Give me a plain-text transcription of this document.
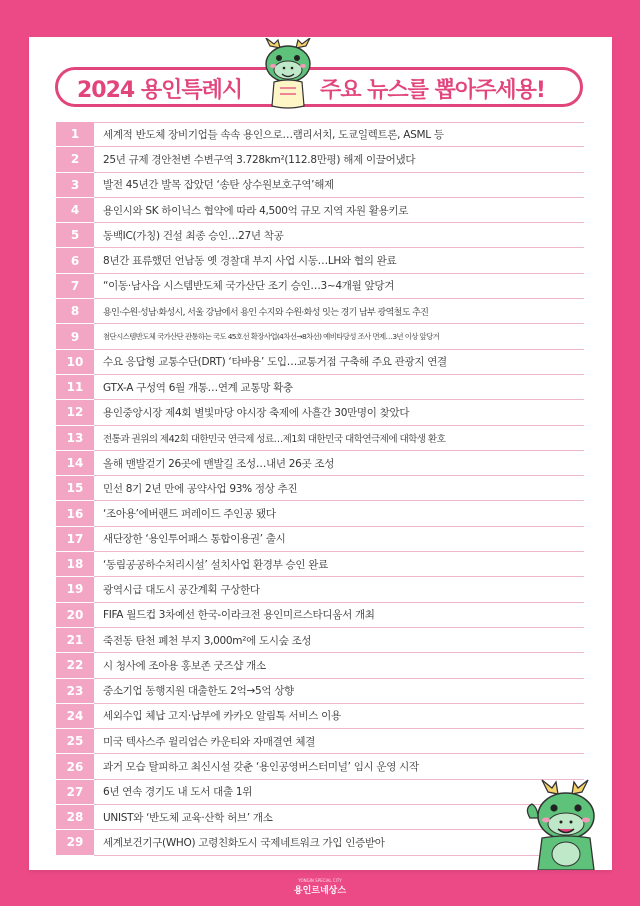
2024 용인특례시	주요 뉴스를 뽑아주세용!
1	세계적 반도체 장비기업들 속속 용인으로…램리서치, 도쿄일렉트론, ASML 등
2	25년 규제 경안천변 수변구역 3.728km²(112.8만평) 해제 이끌어냈다
3	발전 45년간 발목 잡았던 ‘송탄 상수원보호구역’해제
4	용인시와 SK 하이닉스 협약에 따라 4,500억 규모 지역 자원 활용키로
5	동백IC(가칭) 건설 최종 승인…27년 착공
6	8년간 표류했던 언남동 옛 경찰대 부지 사업 시동…LH와 협의 완료
7	“이동·남사읍 시스템반도체 국가산단 조기 승인…3~4개월 앞당겨
8	용인·수원·성남·화성시, 서울 강남에서 용인 수지와 수원·화성 잇는 경기 남부 광역철도 추진
9	첨단시스템반도체 국가산단 관통하는 국도 45호선 확장사업(4차선→8차선) 예비타당성 조사 면제…3년 이상 앞당겨
10	수요 응답형 교통수단(DRT) ‘타바용’ 도입…교통거점 구축해 주요 관광지 연결
11	GTX-A 구성역 6월 개통…연계 교통망 확충
12	용인중앙시장 제4회 별빛마당 야시장 축제에 사흘간 30만명이 찾았다
13	전통과 권위의 제42회 대한민국 연극제 성료…제1회 대한민국 대학연극제에 대학생 환호
14	올해 맨발걷기 26곳에 맨발길 조성…내년 26곳 조성
15	민선 8기 2년 만에 공약사업 93% 정상 추진
16	‘조아용’에버랜드 퍼레이드 주인공 됐다
17	새단장한 ‘용인투어패스 통합이용권’ 출시
18	‘동림공공하수처리시설’ 설치사업 환경부 승인 완료
19	광역시급 대도시 공간계획 구상한다
20	FIFA 월드컵 3차예선 한국-이라크전 용인미르스타디움서 개최
21	죽전동 탄천 폐천 부지 3,000m²에 도시숲 조성
22	시 청사에 조아용 홍보존 굿즈샵 개소
23	중소기업 동행지원 대출한도 2억→5억 상향
24	세외수입 체납 고지·납부에 카카오 알림톡 서비스 이용
25	미국 텍사스주 윌리엄슨 카운티와 자매결연 체결
26	과거 모습 탈피하고 최신시설 갖춘 ‘용인공영버스터미널’ 임시 운영 시작
27	6년 연속 경기도 내 도서 대출 1위
28	UNIST와 ‘반도체 교육·산학 허브’ 개소
29	세계보건기구(WHO) 고령친화도시 국제네트워크 가입 인증받아
YONGIN SPECIAL CITY
용인르네상스
